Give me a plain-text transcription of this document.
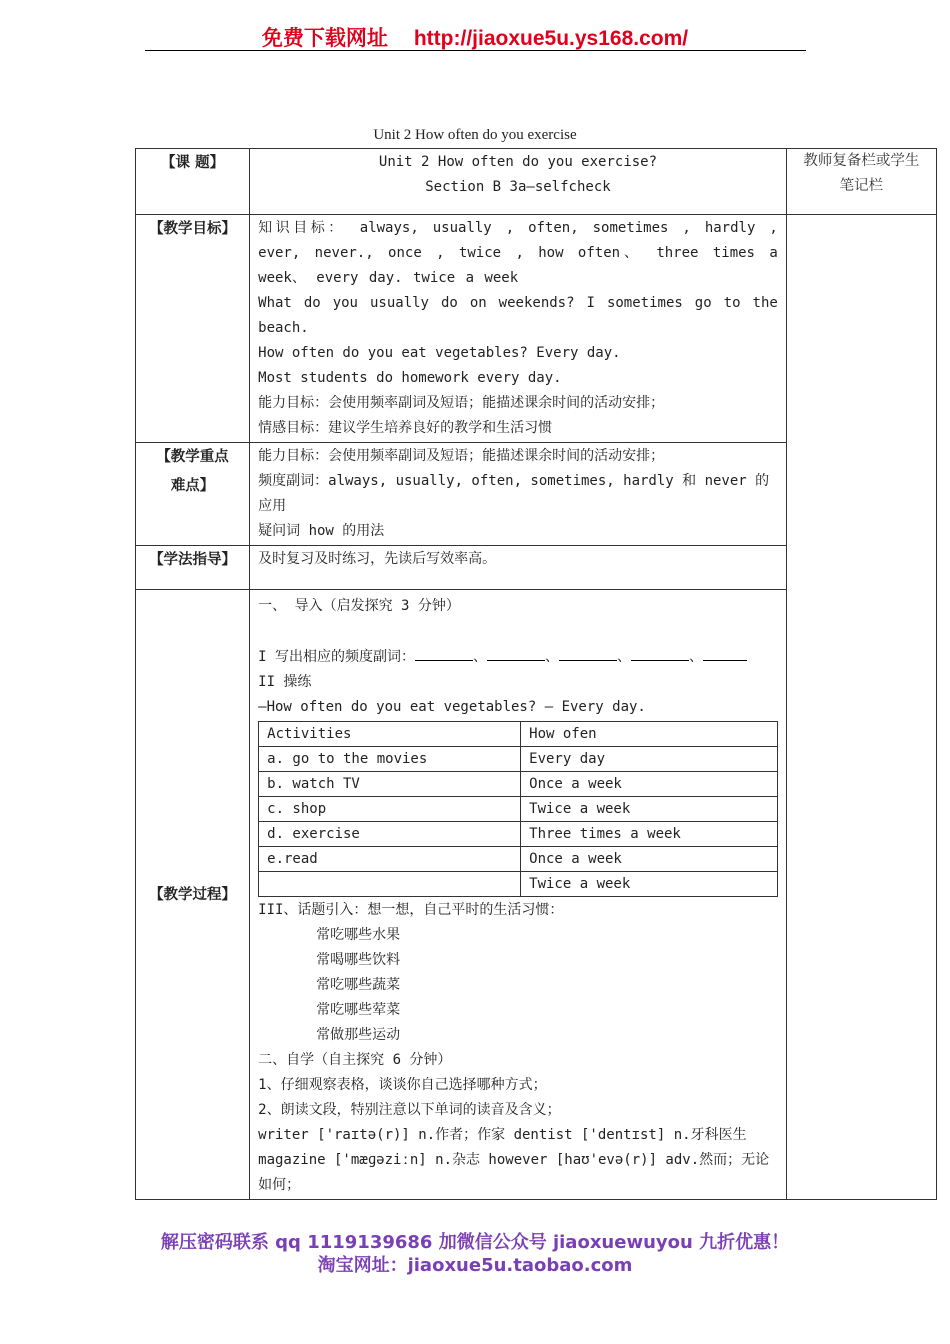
免费下载网址 http://jiaoxue5u.ys168.com/
Unit 2 How often do you exercise
【课 题】	Unit 2 How often do you exercise?
Section B 3a—selfcheck

教师复备栏或学生笔记栏

【教学目标】	知识目标： always, usually , often, sometimes , hardly , ever, never., once , twice , how often、 three times a week、 every day. twice a week
What do you usually do on weekends? I sometimes go to the beach.
How often do you eat vegetables? Every day.
Most students do homework every day.
能力目标：会使用频率副词及短语；能描述课余时间的活动安排；
情感目标：建议学生培养良好的教学和生活习惯

【教学重点
难点】

能力目标：会使用频率副词及短语；能描述课余时间的活动安排；
频度副词：always, usually, often, sometimes, hardly 和 never 的应用
疑问词 how 的用法

【学法指导】	及时复习及时练习，先读后写效率高。
【教学过程】	
一、 导入（启发探究 3 分钟）
I 写出相应的频度副词：	、	、	、	、
II 操练
—How often do you eat vegetables? — Every day.
Activities	How ofen
a. go to the movies	Every day
b. watch TV	Once a week
c. shop	Twice a week
d. exercise	Three times a week
e.read	Once a week
	Twice a week
III、话题引入：想一想，自己平时的生活习惯：
常吃哪些水果
常喝哪些饮料
常吃哪些蔬菜
常吃哪些荤菜
常做那些运动
二、自学（自主探究 6 分钟）
1、仔细观察表格，谈谈你自己选择哪种方式；
2、朗读文段，特别注意以下单词的读音及含义；
writer ['raɪtə(r)] n.作者；作家 dentist ['dentɪst] n.牙科医生
magazine ['mæɡəziːn] n.杂志 however [haʊ'evə(r)] adv.然而；无论如何；
解压密码联系 qq 1119139686 加微信公众号 jiaoxuewuyou 九折优惠！
淘宝网址：jiaoxue5u.taobao.com
